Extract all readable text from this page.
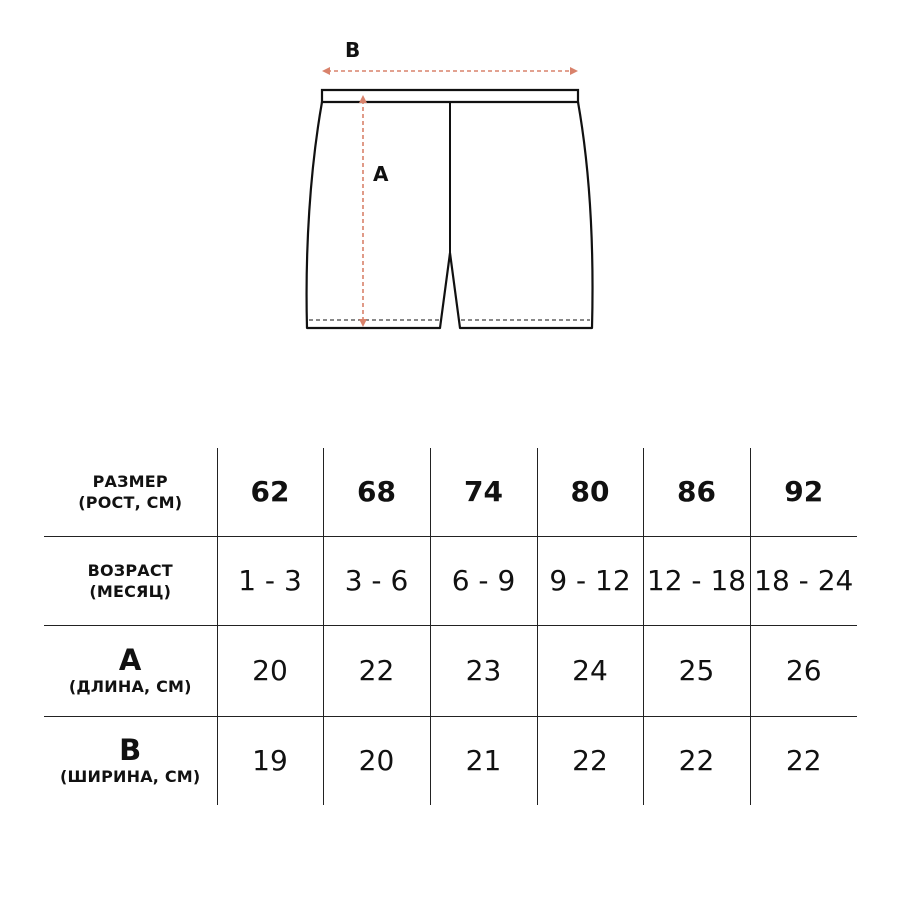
B
A
РАЗМЕР
(РОСТ, СМ)	62	68	74	80	86	92

ВОЗРАСТ
(МЕСЯЦ)	1 - 3	3 - 6	6 - 9	9 - 12	12 - 18	18 - 24

A
(ДЛИНА, СМ)	20	22	23	24	25	26

B
(ШИРИНА, СМ)	19	20	21	22	22	22
